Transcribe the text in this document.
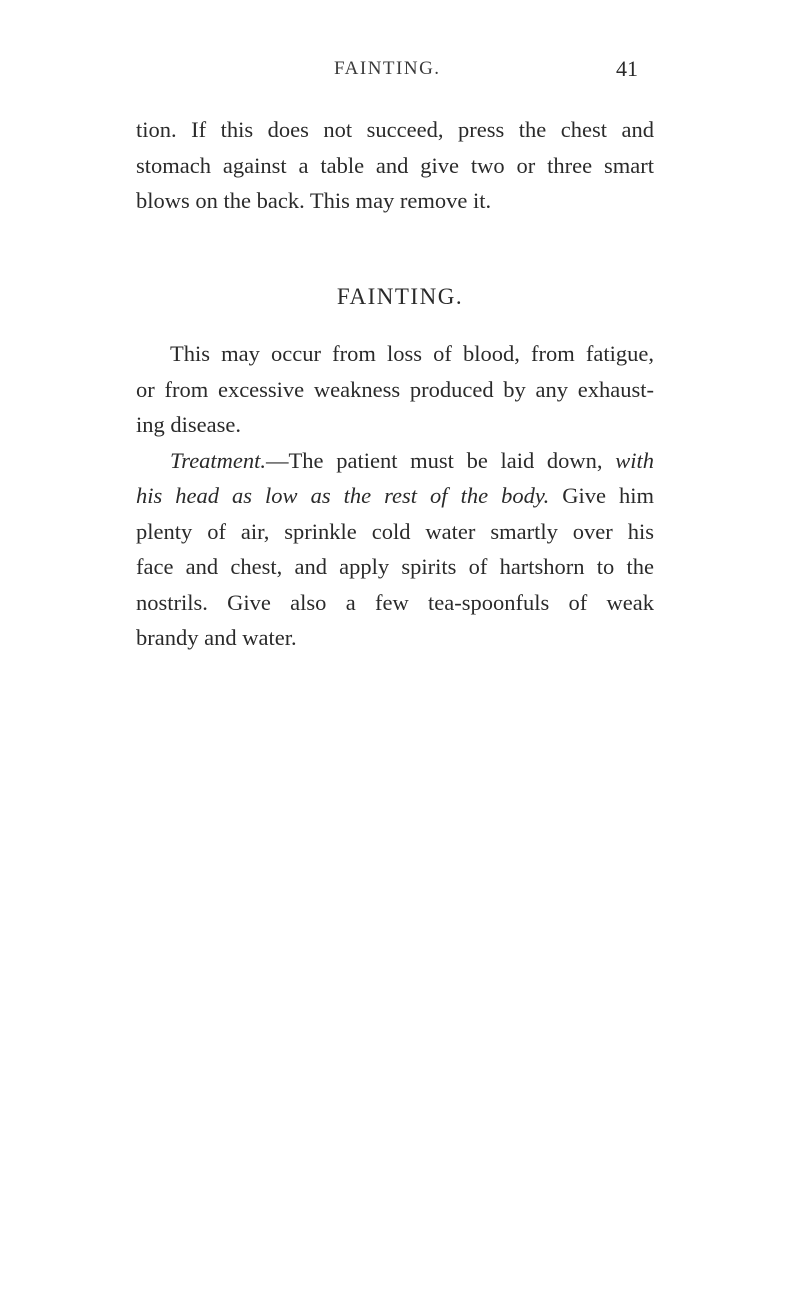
FAINTING.	41
tion. If this does not succeed, press the chest and
stomach against a table and give two or three smart
blows on the back. This may remove it.
FAINTING.
This may occur from loss of blood, from fatigue,
or from excessive weakness produced by any exhaust-
ing disease.
Treatment.—The patient must be laid down, with
his head as low as the rest of the body. Give him
plenty of air, sprinkle cold water smartly over his
face and chest, and apply spirits of hartshorn to the
nostrils. Give also a few tea-spoonfuls of weak
brandy and water.
